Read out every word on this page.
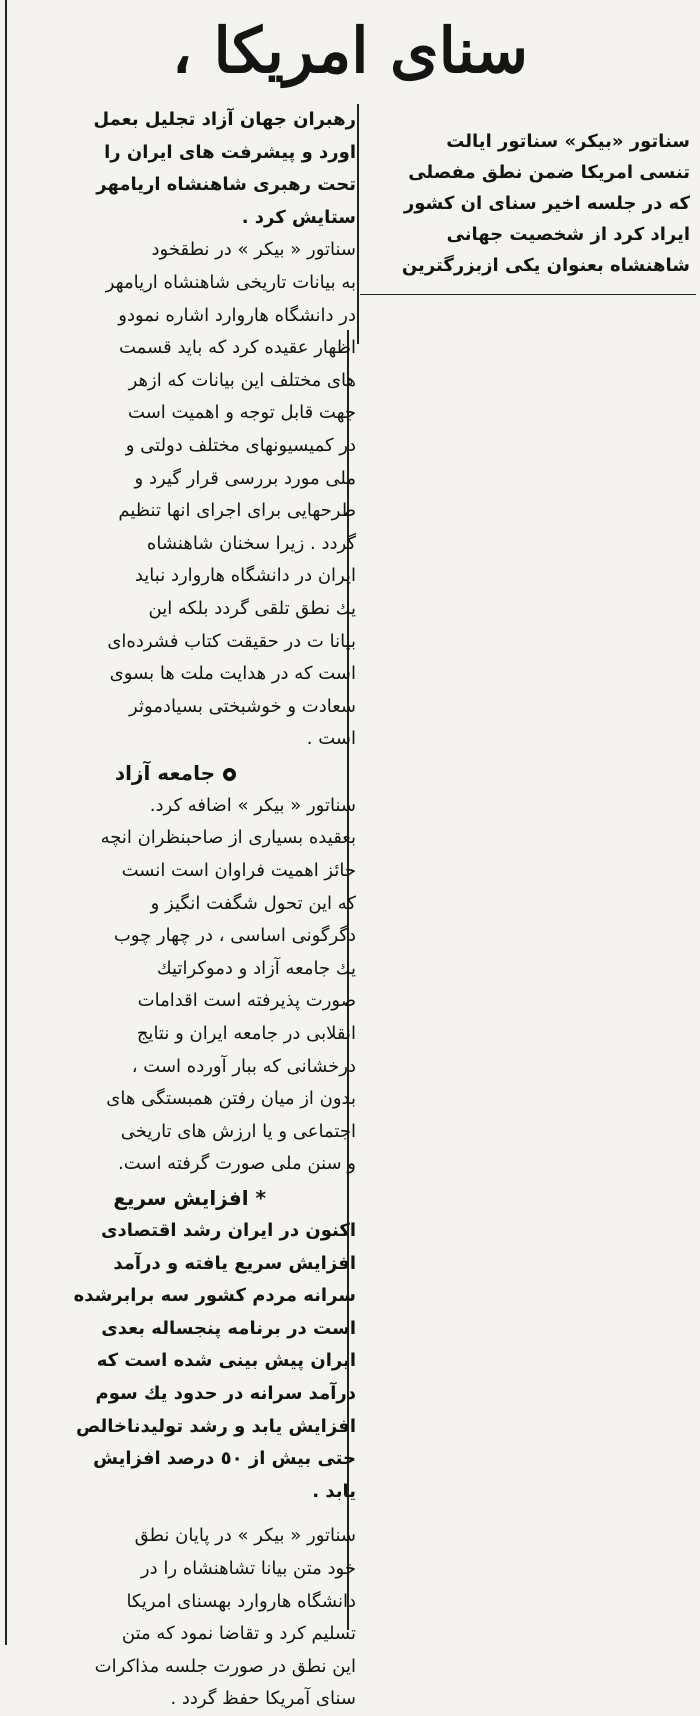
سنای امریکا ،

سناتور «بیکر» سناتور ایالت

تنسی امریکا ضمن نطق مفصلی

که در جلسه اخیر سنای ان کشور

ایراد کرد از شخصیت جهانی

شاهنشاه بعنوان یکی ازبزرگترین

رهبران جهان آزاد تجلیل بعمل

اورد و پیشرفت های ایران را

تحت رهبری شاهنشاه اریامهر

ستایش کرد .

سناتور « بیکر » در نطقخود

به بیانات تاریخی شاهنشاه اریامهر

در دانشگاه هاروارد اشاره نمودو

اظهار عقیده کرد که باید قسمت

های مختلف این بیانات که ازهر

جهت قابل توجه و اهمیت است

در کمیسیونهای مختلف دولتی و

ملی مورد بررسی قرار گیرد و

طرحهایی برای اجرای انها تنظیم

گردد . زیرا سخنان شاهنشاه

ایران در دانشگاه هاروارد نباید

یك نطق تلقی گردد بلکه این

بیانا ت در حقیقت کتاب فشرده‌ای

است که در هدایت ملت ها بسوی

سعادت و خوشبختی بسیادموثر

است .

جامعه آزاد

سناتور « بیکر » اضافه کرد.

بعقیده بسیاری از صاحبنظران انچه

حائز اهمیت فراوان است انست

که این تحول شگفت انگیز و

دگرگونی اساسی ، در چهار چوب

یك جامعه آزاد و دموکراتیك

صورت پذیرفته است اقدامات

انقلابی در جامعه ایران و نتایج

درخشانی که ببار آورده است ،

بدون از میان رفتن همبستگی های

اجتماعی و یا ارزش های تاریخی

و سنن ملی صورت گرفته است.

* افزایش سریع

اکنون در ایران رشد اقتصادی

افزایش سریع یافته و درآمد

سرانه مردم کشور سه برابرشده

است در برنامه پنجساله بعدی

ایران پیش بینی شده است که

درآمد سرانه در حدود یك سوم

افزایش یابد و رشد تولیدناخالص

حتی بیش از ٥٠ درصد افزایش

یابد .

سناتور « بیکر » در پایان نطق

خود متن بیانا تشاهنشاه را در

دانشگاه هاروارد بهسنای امریکا

تسلیم کرد و تقاضا نمود که متن

این نطق در صورت جلسه مذاکرات

سنای آمریکا حفظ گردد .
